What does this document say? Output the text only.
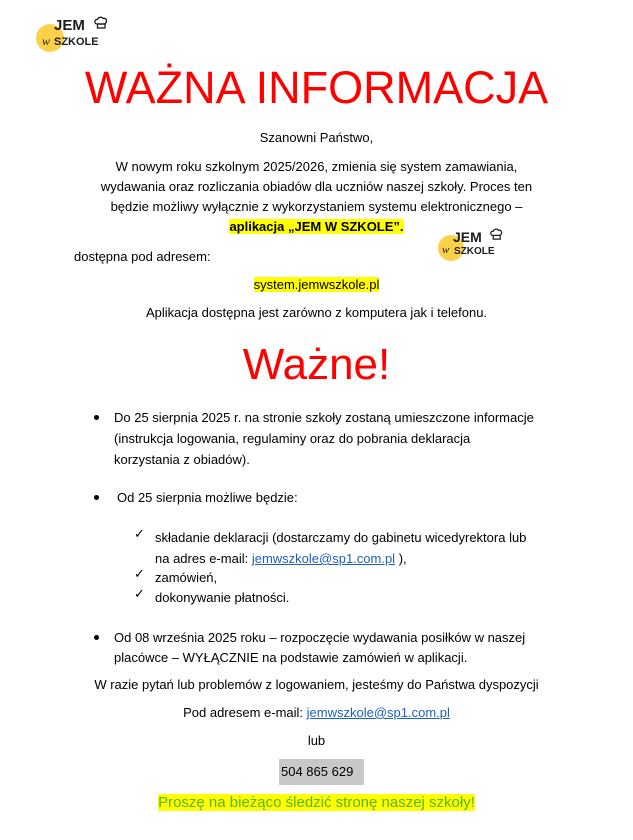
JEM
w SZKOLE
WAŻNA INFORMACJA
Szanowni Państwo,
W nowym roku szkolnym 2025/2026, zmienia się system zamawiania,
wydawania oraz rozliczania obiadów dla uczniów naszej szkoły. Proces ten
będzie możliwy wyłącznie z wykorzystaniem systemu elektronicznego –
aplikacja „JEM W SZKOLE”.
JEM
w SZKOLE
dostępna pod adresem:
system.jemwszkole.pl
Aplikacja dostępna jest zarówno z komputera jak i telefonu.
Ważne!
Do 25 sierpnia 2025 r. na stronie szkoły zostaną umieszczone informacje
(instrukcja logowania, regulaminy oraz do pobrania deklaracja
korzystania z obiadów).
Od 25 sierpnia możliwe będzie:
✓ składanie deklaracji (dostarczamy do gabinetu wicedyrektora lub
na adres e-mail: jemwszkole@sp1.com.pl ),
✓ zamówień,
✓ dokonywanie płatności.
Od 08 września 2025 roku – rozpoczęcie wydawania posiłków w naszej
placówce – WYŁĄCZNIE na podstawie zamówień w aplikacji.
W razie pytań lub problemów z logowaniem, jesteśmy do Państwa dyspozycji
Pod adresem e-mail: jemwszkole@sp1.com.pl
lub
504 865 629
Proszę na bieżąco śledzić stronę naszej szkoły!
